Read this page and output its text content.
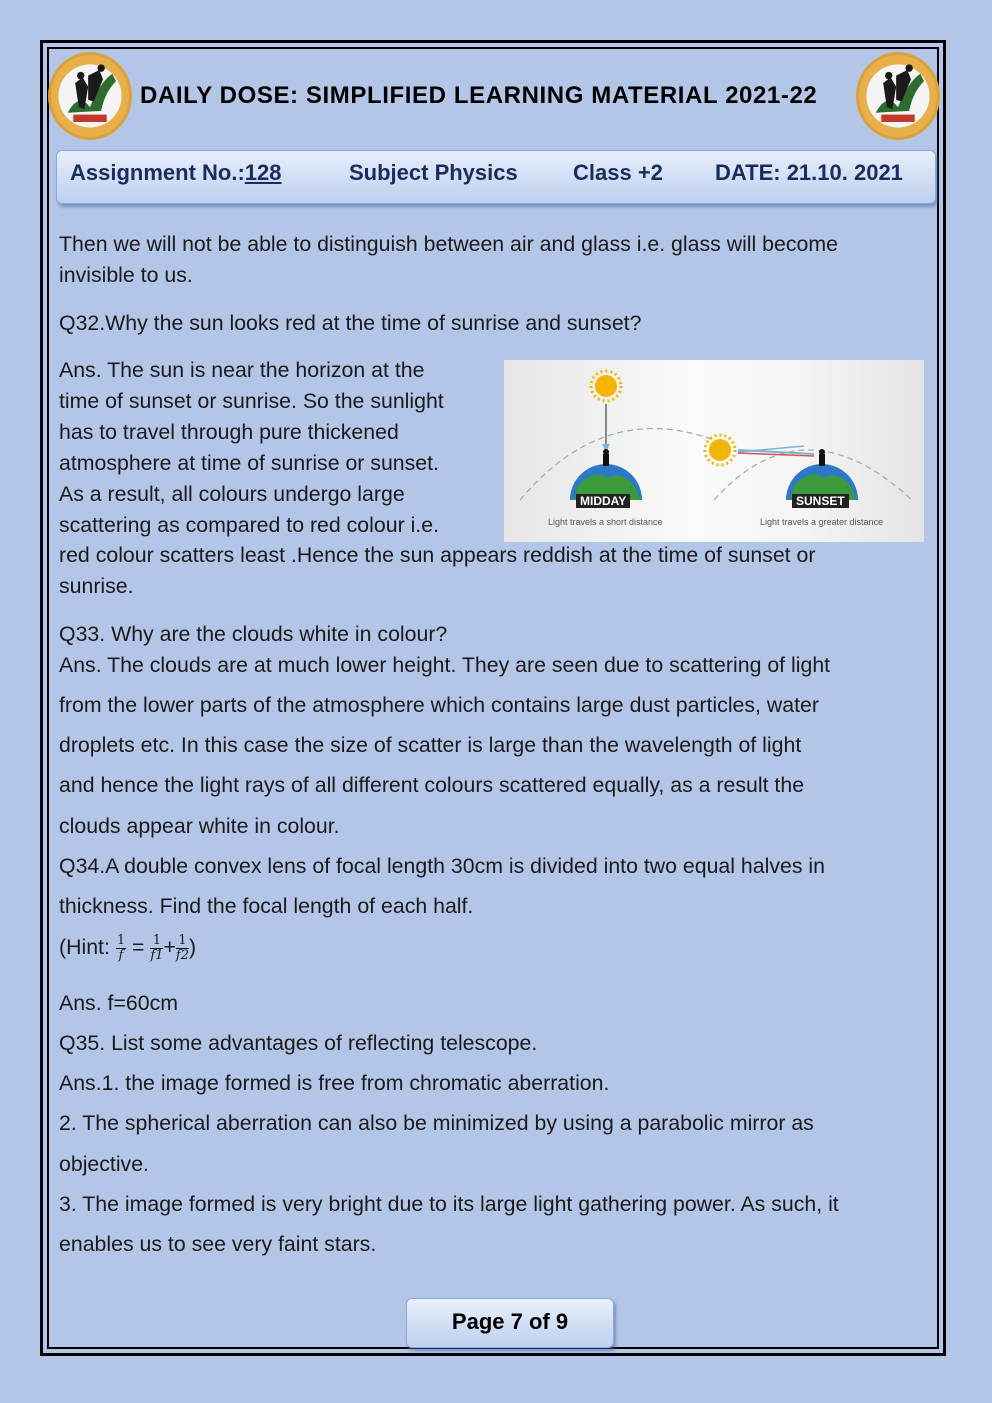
DAILY DOSE: SIMPLIFIED LEARNING MATERIAL 2021-22
Assignment No.:128	Subject Physics	Class +2 DATE: 21.10. 2021
Then we will not be able to distinguish between air and glass i.e. glass will become
invisible to us.
Q32.Why the sun looks red at the time of sunrise and sunset?
Ans. The sun is near the horizon at the
time of sunset or sunrise. So the sunlight
has to travel through pure thickened
atmosphere at time of sunrise or sunset.
As a result, all colours undergo large
scattering as compared to red colour i.e.
red colour scatters least .Hence the sun appears reddish at the time of sunset or
sunrise.
MIDDAY	SUNSET
Light travels a short distance	Light travels a greater distance
Q33. Why are the clouds white in colour?
Ans. The clouds are at much lower height. They are seen due to scattering of light
from the lower parts of the atmosphere which contains large dust particles, water
droplets etc. In this case the size of scatter is large than the wavelength of light
and hence the light rays of all different colours scattered equally, as a result the
clouds appear white in colour.
Q34.A double convex lens of focal length 30cm is divided into two equal halves in
thickness. Find the focal length of each half.
(Hint: $\frac{1}{f} = \frac{1}{f1} + \frac{1}{f2}$ )
Ans. f=60cm
Q35. List some advantages of reflecting telescope.
Ans.1. the image formed is free from chromatic aberration.
2. The spherical aberration can also be minimized by using a parabolic mirror as
objective.
3. The image formed is very bright due to its large light gathering power. As such, it
enables us to see very faint stars.
Page 7 of 9
